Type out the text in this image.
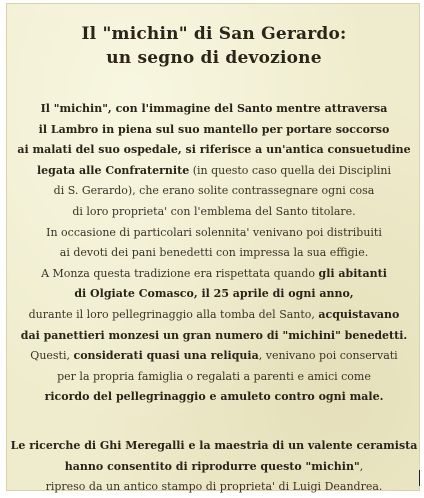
Il "michin" di San Gerardo:
un segno di devozione
Il "michin", con l'immagine del Santo mentre attraversa
il Lambro in piena sul suo mantello per portare soccorso
ai malati del suo ospedale, si riferisce a un'antica consuetudine
legata alle Confraternite (in questo caso quella dei Disciplini
di S. Gerardo), che erano solite contrassegnare ogni cosa
di loro proprieta' con l'emblema del Santo titolare.
In occasione di particolari solennita' venivano poi distribuiti
ai devoti dei pani benedetti con impressa la sua effigie.
A Monza questa tradizione era rispettata quando gli abitanti
di Olgiate Comasco, il 25 aprile di ogni anno,
durante il loro pellegrinaggio alla tomba del Santo, acquistavano
dai panettieri monzesi un gran numero di "michini" benedetti.
Questi, considerati quasi una reliquia, venivano poi conservati
per la propria famiglia o regalati a parenti e amici come
ricordo del pellegrinaggio e amuleto contro ogni male.
Le ricerche di Ghi Meregalli e la maestria di un valente ceramista
hanno consentito di riprodurre questo "michin",
ripreso da un antico stampo di proprieta' di Luigi Deandrea.
